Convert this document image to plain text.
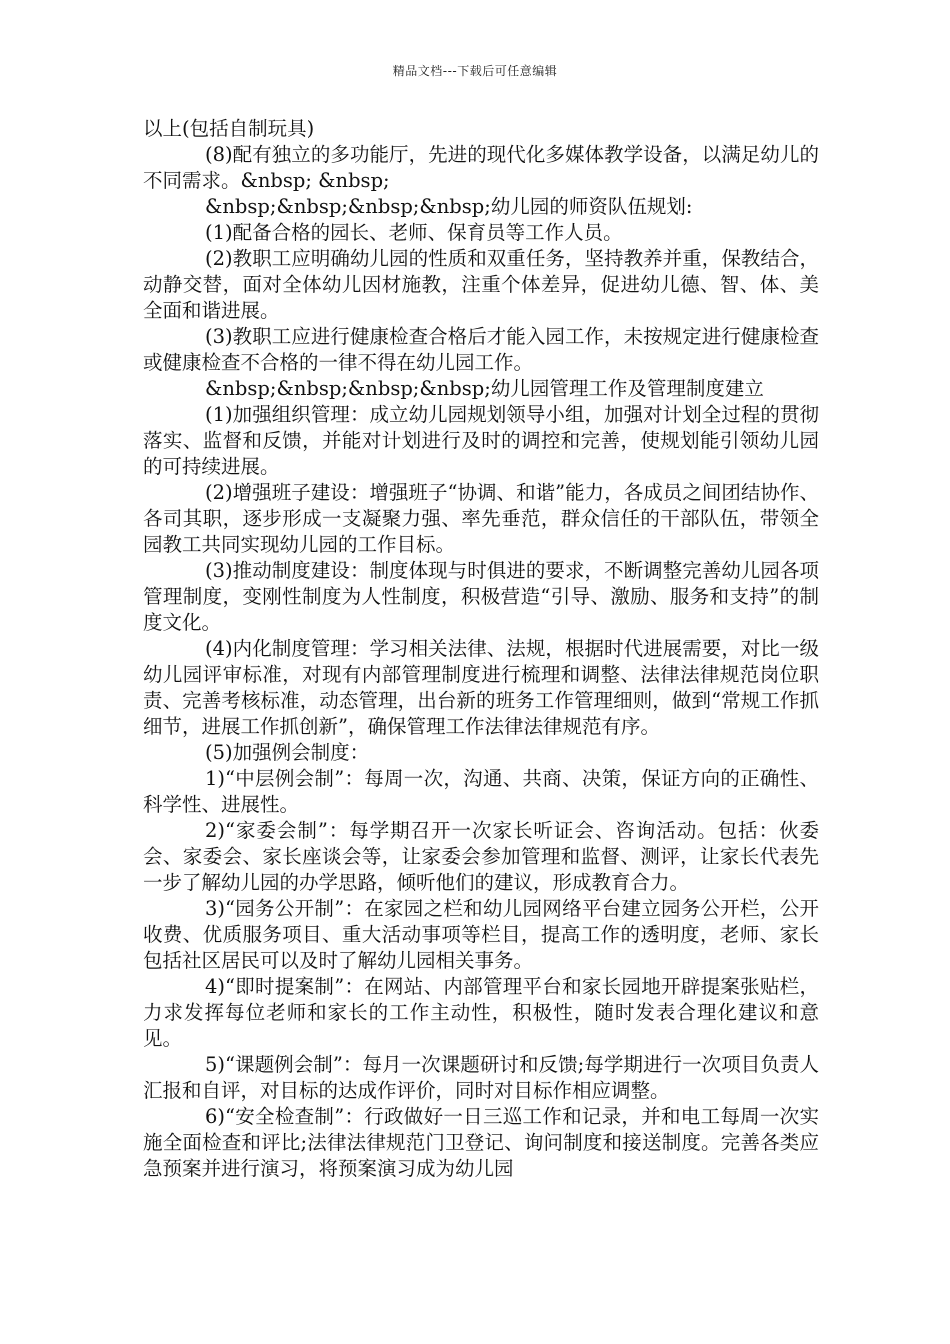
精品文档---下载后可任意编辑

以上(包括自制玩具)

(8)配有独立的多功能厅，先进的现代化多媒体教学设备，以满足幼儿的不同需求。&nbsp; &nbsp;

&nbsp;&nbsp;&nbsp;&nbsp;幼儿园的师资队伍规划:

(1)配备合格的园长、老师、保育员等工作人员。

(2)教职工应明确幼儿园的性质和双重任务，坚持教养并重，保教结合，动静交替，面对全体幼儿因材施教，注重个体差异，促进幼儿德、智、体、美全面和谐进展。

(3)教职工应进行健康检查合格后才能入园工作，未按规定进行健康检查或健康检查不合格的一律不得在幼儿园工作。

&nbsp;&nbsp;&nbsp;&nbsp;幼儿园管理工作及管理制度建立

(1)加强组织管理：成立幼儿园规划领导小组，加强对计划全过程的贯彻落实、监督和反馈，并能对计划进行及时的调控和完善，使规划能引领幼儿园的可持续进展。

(2)增强班子建设：增强班子“协调、和谐”能力，各成员之间团结协作、各司其职，逐步形成一支凝聚力强、率先垂范，群众信任的干部队伍，带领全园教工共同实现幼儿园的工作目标。

(3)推动制度建设：制度体现与时俱进的要求，不断调整完善幼儿园各项管理制度，变刚性制度为人性制度，积极营造“引导、激励、服务和支持”的制度文化。

(4)内化制度管理：学习相关法律、法规，根据时代进展需要，对比一级幼儿园评审标准，对现有内部管理制度进行梳理和调整、法律法律规范岗位职责、完善考核标准，动态管理，出台新的班务工作管理细则，做到“常规工作抓细节，进展工作抓创新”，确保管理工作法律法律规范有序。

(5)加强例会制度：

1)“中层例会制”：每周一次，沟通、共商、决策，保证方向的正确性、科学性、进展性。

2)“家委会制”：每学期召开一次家长听证会、咨询活动。包括：伙委会、家委会、家长座谈会等，让家委会参加管理和监督、测评，让家长代表先一步了解幼儿园的办学思路，倾听他们的建议，形成教育合力。

3)“园务公开制”：在家园之栏和幼儿园网络平台建立园务公开栏，公开收费、优质服务项目、重大活动事项等栏目，提高工作的透明度，老师、家长包括社区居民可以及时了解幼儿园相关事务。

4)“即时提案制”：在网站、内部管理平台和家长园地开辟提案张贴栏，力求发挥每位老师和家长的工作主动性，积极性，随时发表合理化建议和意见。

5)“课题例会制”：每月一次课题研讨和反馈;每学期进行一次项目负责人汇报和自评，对目标的达成作评价，同时对目标作相应调整。

6)“安全检查制”：行政做好一日三巡工作和记录，并和电工每周一次实施全面检查和评比;法律法律规范门卫登记、询问制度和接送制度。完善各类应急预案并进行演习，将预案演习成为幼儿园
